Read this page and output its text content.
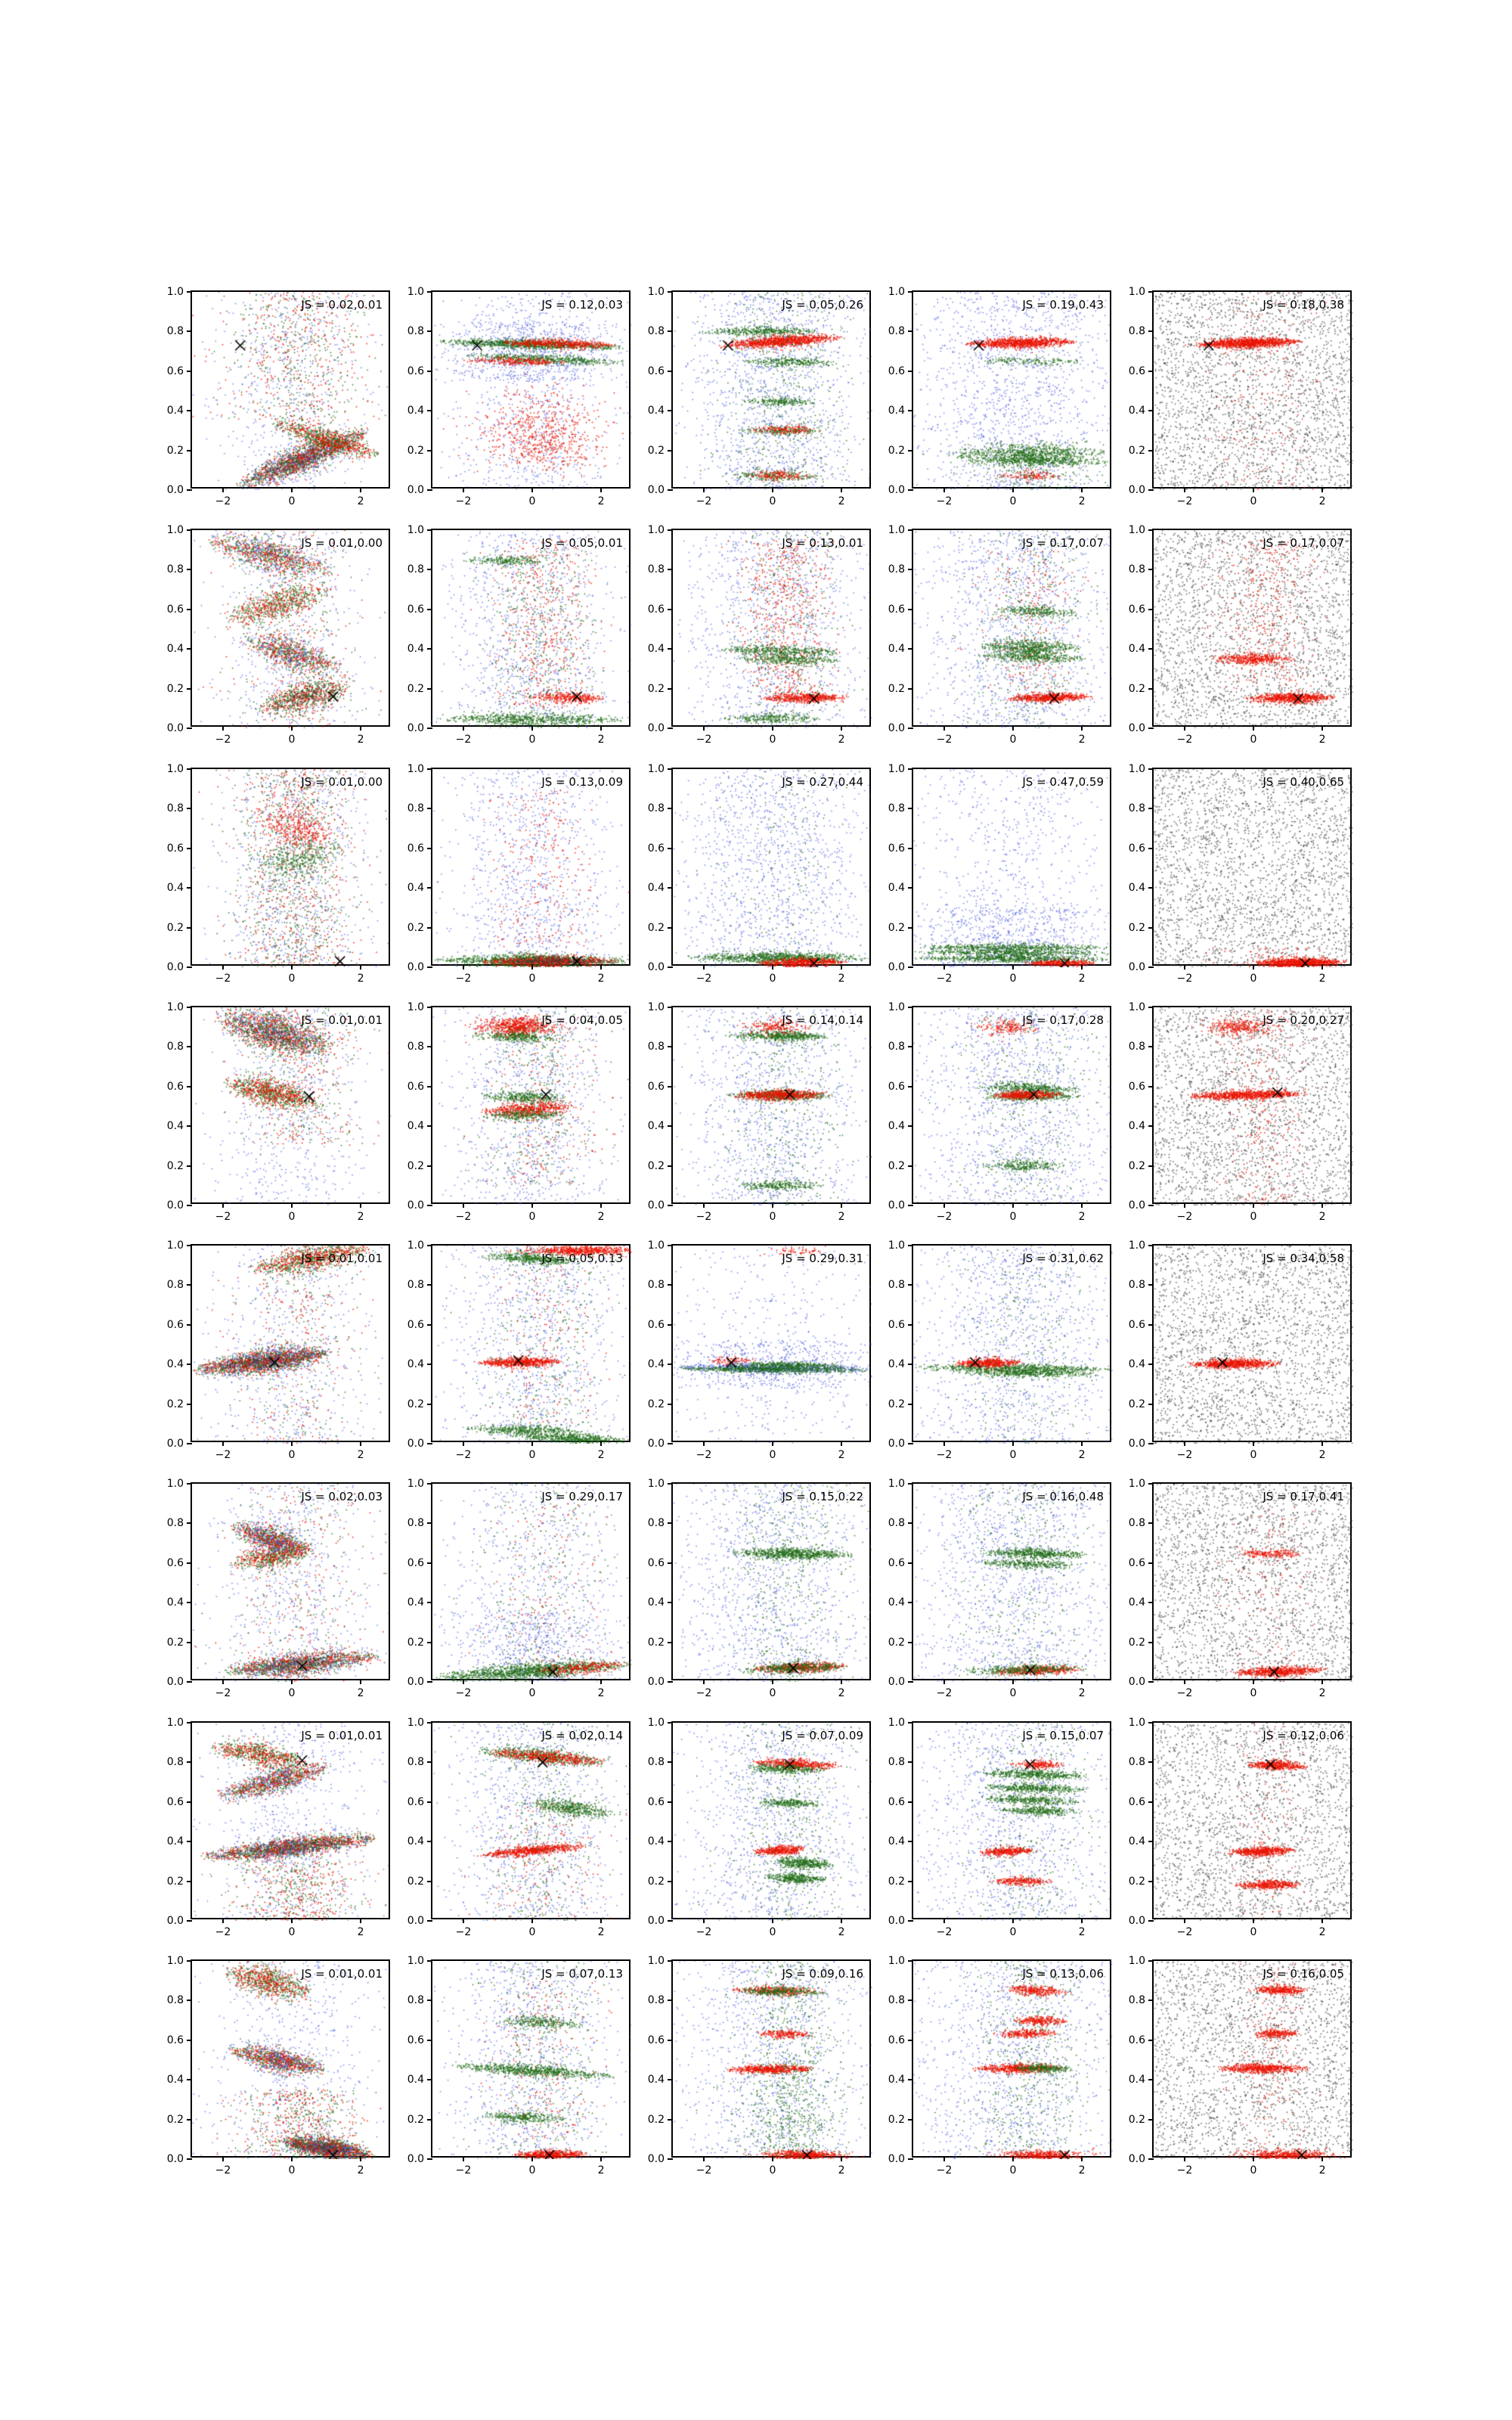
JS = 0.02,0.01
−2	0	2
0.0
0.2
0.4
0.6
0.8
1.0
JS = 0.12,0.03
−2	0	2
0.0
0.2
0.4
0.6
0.8
1.0
JS = 0.05,0.26
−2	0	2
0.0
0.2
0.4
0.6
0.8
1.0
JS = 0.19,0.43
−2	0	2
0.0
0.2
0.4
0.6
0.8
1.0
JS = 0.18,0.38
−2	0	2
0.0
0.2
0.4
0.6
0.8
1.0
JS = 0.01,0.00
−2	0	2
0.0
0.2
0.4
0.6
0.8
1.0
JS = 0.05,0.01
−2	0	2
0.0
0.2
0.4
0.6
0.8
1.0
JS = 0.13,0.01
−2	0	2
0.0
0.2
0.4
0.6
0.8
1.0
JS = 0.17,0.07
−2	0	2
0.0
0.2
0.4
0.6
0.8
1.0
JS = 0.17,0.07
−2	0	2
0.0
0.2
0.4
0.6
0.8
1.0
JS = 0.01,0.00
−2	0	2
0.0
0.2
0.4
0.6
0.8
1.0
JS = 0.13,0.09
−2	0	2
0.0
0.2
0.4
0.6
0.8
1.0
JS = 0.27,0.44
−2	0	2
0.0
0.2
0.4
0.6
0.8
1.0
JS = 0.47,0.59
−2	0	2
0.0
0.2
0.4
0.6
0.8
1.0
JS = 0.40,0.65
−2	0	2
0.0
0.2
0.4
0.6
0.8
1.0
JS = 0.01,0.01
−2	0	2
0.0
0.2
0.4
0.6
0.8
1.0
JS = 0.04,0.05
−2	0	2
0.0
0.2
0.4
0.6
0.8
1.0
JS = 0.14,0.14
−2	0	2
0.0
0.2
0.4
0.6
0.8
1.0
JS = 0.17,0.28
−2	0	2
0.0
0.2
0.4
0.6
0.8
1.0
JS = 0.20,0.27
−2	0	2
0.0
0.2
0.4
0.6
0.8
1.0
JS = 0.01,0.01
−2	0	2
0.0
0.2
0.4
0.6
0.8
1.0
JS = 0.05,0.13
−2	0	2
0.0
0.2
0.4
0.6
0.8
1.0
JS = 0.29,0.31
−2	0	2
0.0
0.2
0.4
0.6
0.8
1.0
JS = 0.31,0.62
−2	0	2
0.0
0.2
0.4
0.6
0.8
1.0
JS = 0.34,0.58
−2	0	2
0.0
0.2
0.4
0.6
0.8
1.0
JS = 0.02,0.03
−2	0	2
0.0
0.2
0.4
0.6
0.8
1.0
JS = 0.29,0.17
−2	0	2
0.0
0.2
0.4
0.6
0.8
1.0
JS = 0.15,0.22
−2	0	2
0.0
0.2
0.4
0.6
0.8
1.0
JS = 0.16,0.48
−2	0	2
0.0
0.2
0.4
0.6
0.8
1.0
JS = 0.17,0.41
−2	0	2
0.0
0.2
0.4
0.6
0.8
1.0
JS = 0.01,0.01
−2	0	2
0.0
0.2
0.4
0.6
0.8
1.0
JS = 0.02,0.14
−2	0	2
0.0
0.2
0.4
0.6
0.8
1.0
JS = 0.07,0.09
−2	0	2
0.0
0.2
0.4
0.6
0.8
1.0
JS = 0.15,0.07
−2	0	2
0.0
0.2
0.4
0.6
0.8
1.0
JS = 0.12,0.06
−2	0	2
0.0
0.2
0.4
0.6
0.8
1.0
JS = 0.01,0.01
−2	0	2
0.0
0.2
0.4
0.6
0.8
1.0
JS = 0.07,0.13
−2	0	2
0.0
0.2
0.4
0.6
0.8
1.0
JS = 0.09,0.16
−2	0	2
0.0
0.2
0.4
0.6
0.8
1.0
JS = 0.13,0.06
−2	0	2
0.0
0.2
0.4
0.6
0.8
1.0
JS = 0.16,0.05
−2	0	2
0.0
0.2
0.4
0.6
0.8
1.0
